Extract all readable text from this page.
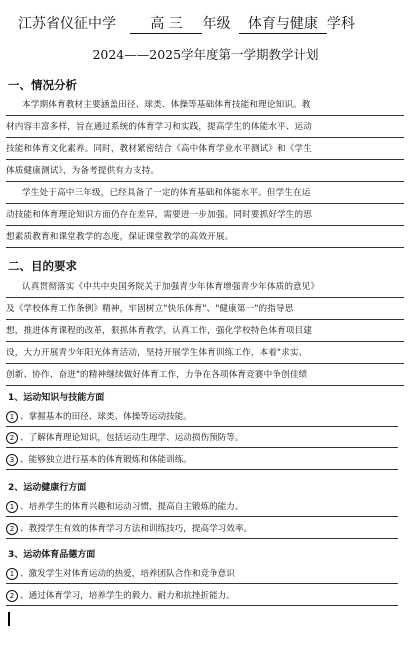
江苏省仪征中学 高 三 年级 体育与健康 学科
2024——2025学年度第一学期教学计划
一、情况分析
本学期体育教材主要涵盖田径、球类、体操等基础体育技能和理论知识。教
材内容丰富多样，旨在通过系统的体育学习和实践，提高学生的体能水平、运动
技能和体育文化素养。同时，教材紧密结合《高中体育学业水平测试》和《学生
体质健康测试》，为备考提供有力支持。
学生处于高中三年级，已经具备了一定的体育基础和体能水平。但学生在运
动技能和体育理论知识方面仍存在差异，需要进一步加强。同时要抓好学生的思
想素质教育和课堂教学的态度，保证课堂教学的高效开展。
二、目的要求
认真贯彻落实《中共中央国务院关于加强青少年体育增强青少年体质的意见》
及《学校体育工作条例》精神，牢固树立"快乐体育"、"健康第一"的指导思
想，推进体育课程的改革，狠抓体育教学，认真工作，强化学校特色体育项目建
设，大力开展青少年阳光体育活动，坚持开展学生体育训练工作，本着"求实、
创新、协作、奋进"的精神继续做好体育工作，力争在各项体育竞赛中争创佳绩
1、运动知识与技能方面
1 、掌握基本的田径、球类、体操等运动技能。
2 、了解体育理论知识，包括运动生理学、运动损伤预防等。
3 、能够独立进行基本的体育锻炼和体能训练。
2、运动健康行方面
1 、培养学生的体育兴趣和运动习惯，提高自主锻炼的能力。
2 、教授学生有效的体育学习方法和训练技巧，提高学习效率。
3、运动体育品德方面
1 、激发学生对体育运动的热爱，培养团队合作和竞争意识
2 、通过体育学习，培养学生的毅力、耐力和抗挫折能力。
